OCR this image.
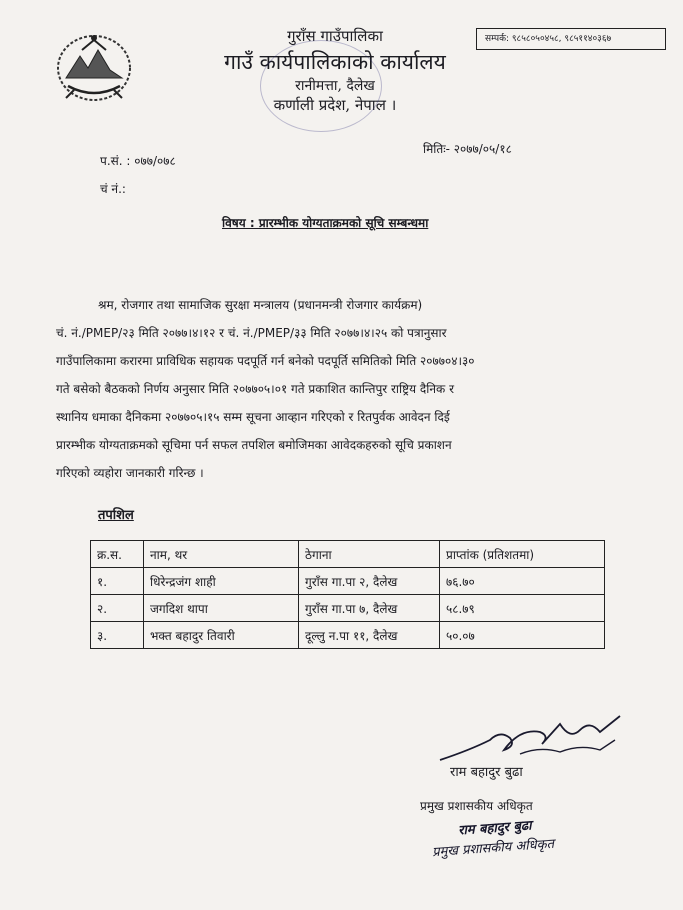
गुराँस गाउँपालिका
गाउँ कार्यपालिकाको कार्यालय
रानीमत्ता, दैलेख
कर्णाली प्रदेश, नेपाल ।
सम्पर्क: ९८५८०५०४५८, ९८५११४०३६७
मितिः- २०७७/०५/१८
प.सं. : ०७७/०७८
चं नं.:
विषय : प्रारम्भीक योग्यताक्रमको सूचि सम्बन्धमा
श्रम, रोजगार तथा सामाजिक सुरक्षा मन्त्रालय (प्रधानमन्त्री रोजगार कार्यक्रम)
चं. नं./PMEP/२३ मिति २०७७।४।१२ र चं. नं./PMEP/३३ मिति २०७७।४।२५ को पत्रानुसार
गाउँपालिकामा करारमा प्राविधिक सहायक पदपूर्ति गर्न बनेको पदपूर्ति समितिको मिति २०७७०४।३०
गते बसेको बैठकको निर्णय अनुसार मिति २०७७०५।०१ गते प्रकाशित कान्तिपुर राष्ट्रिय दैनिक र
स्थानिय धमाका दैनिकमा २०७७०५।१५ सम्म सूचना आव्हान गरिएको र रितपुर्वक आवेदन दिई
प्रारम्भीक योग्यताक्रमको सूचिमा पर्न सफल तपशिल बमोजिमका आवेदकहरुको सूचि प्रकाशन
गरिएको व्यहोरा जानकारी गरिन्छ ।
तपशिल
क्र.स.	नाम, थर	ठेगाना	प्राप्तांक (प्रतिशतमा)
१.	धिरेन्द्रजंग शाही	गुराँस गा.पा २, दैलेख	७६.७०
२.	जगदिश थापा	गुराँस गा.पा ७, दैलेख	५८.७९
३.	भक्त बहादुर तिवारी	दूल्लु न.पा ११, दैलेख	५०.०७
राम बहादुर बुढा
प्रमुख प्रशासकीय अधिकृत
राम बहादुर बुढा
प्रमुख प्रशासकीय अधिकृत
